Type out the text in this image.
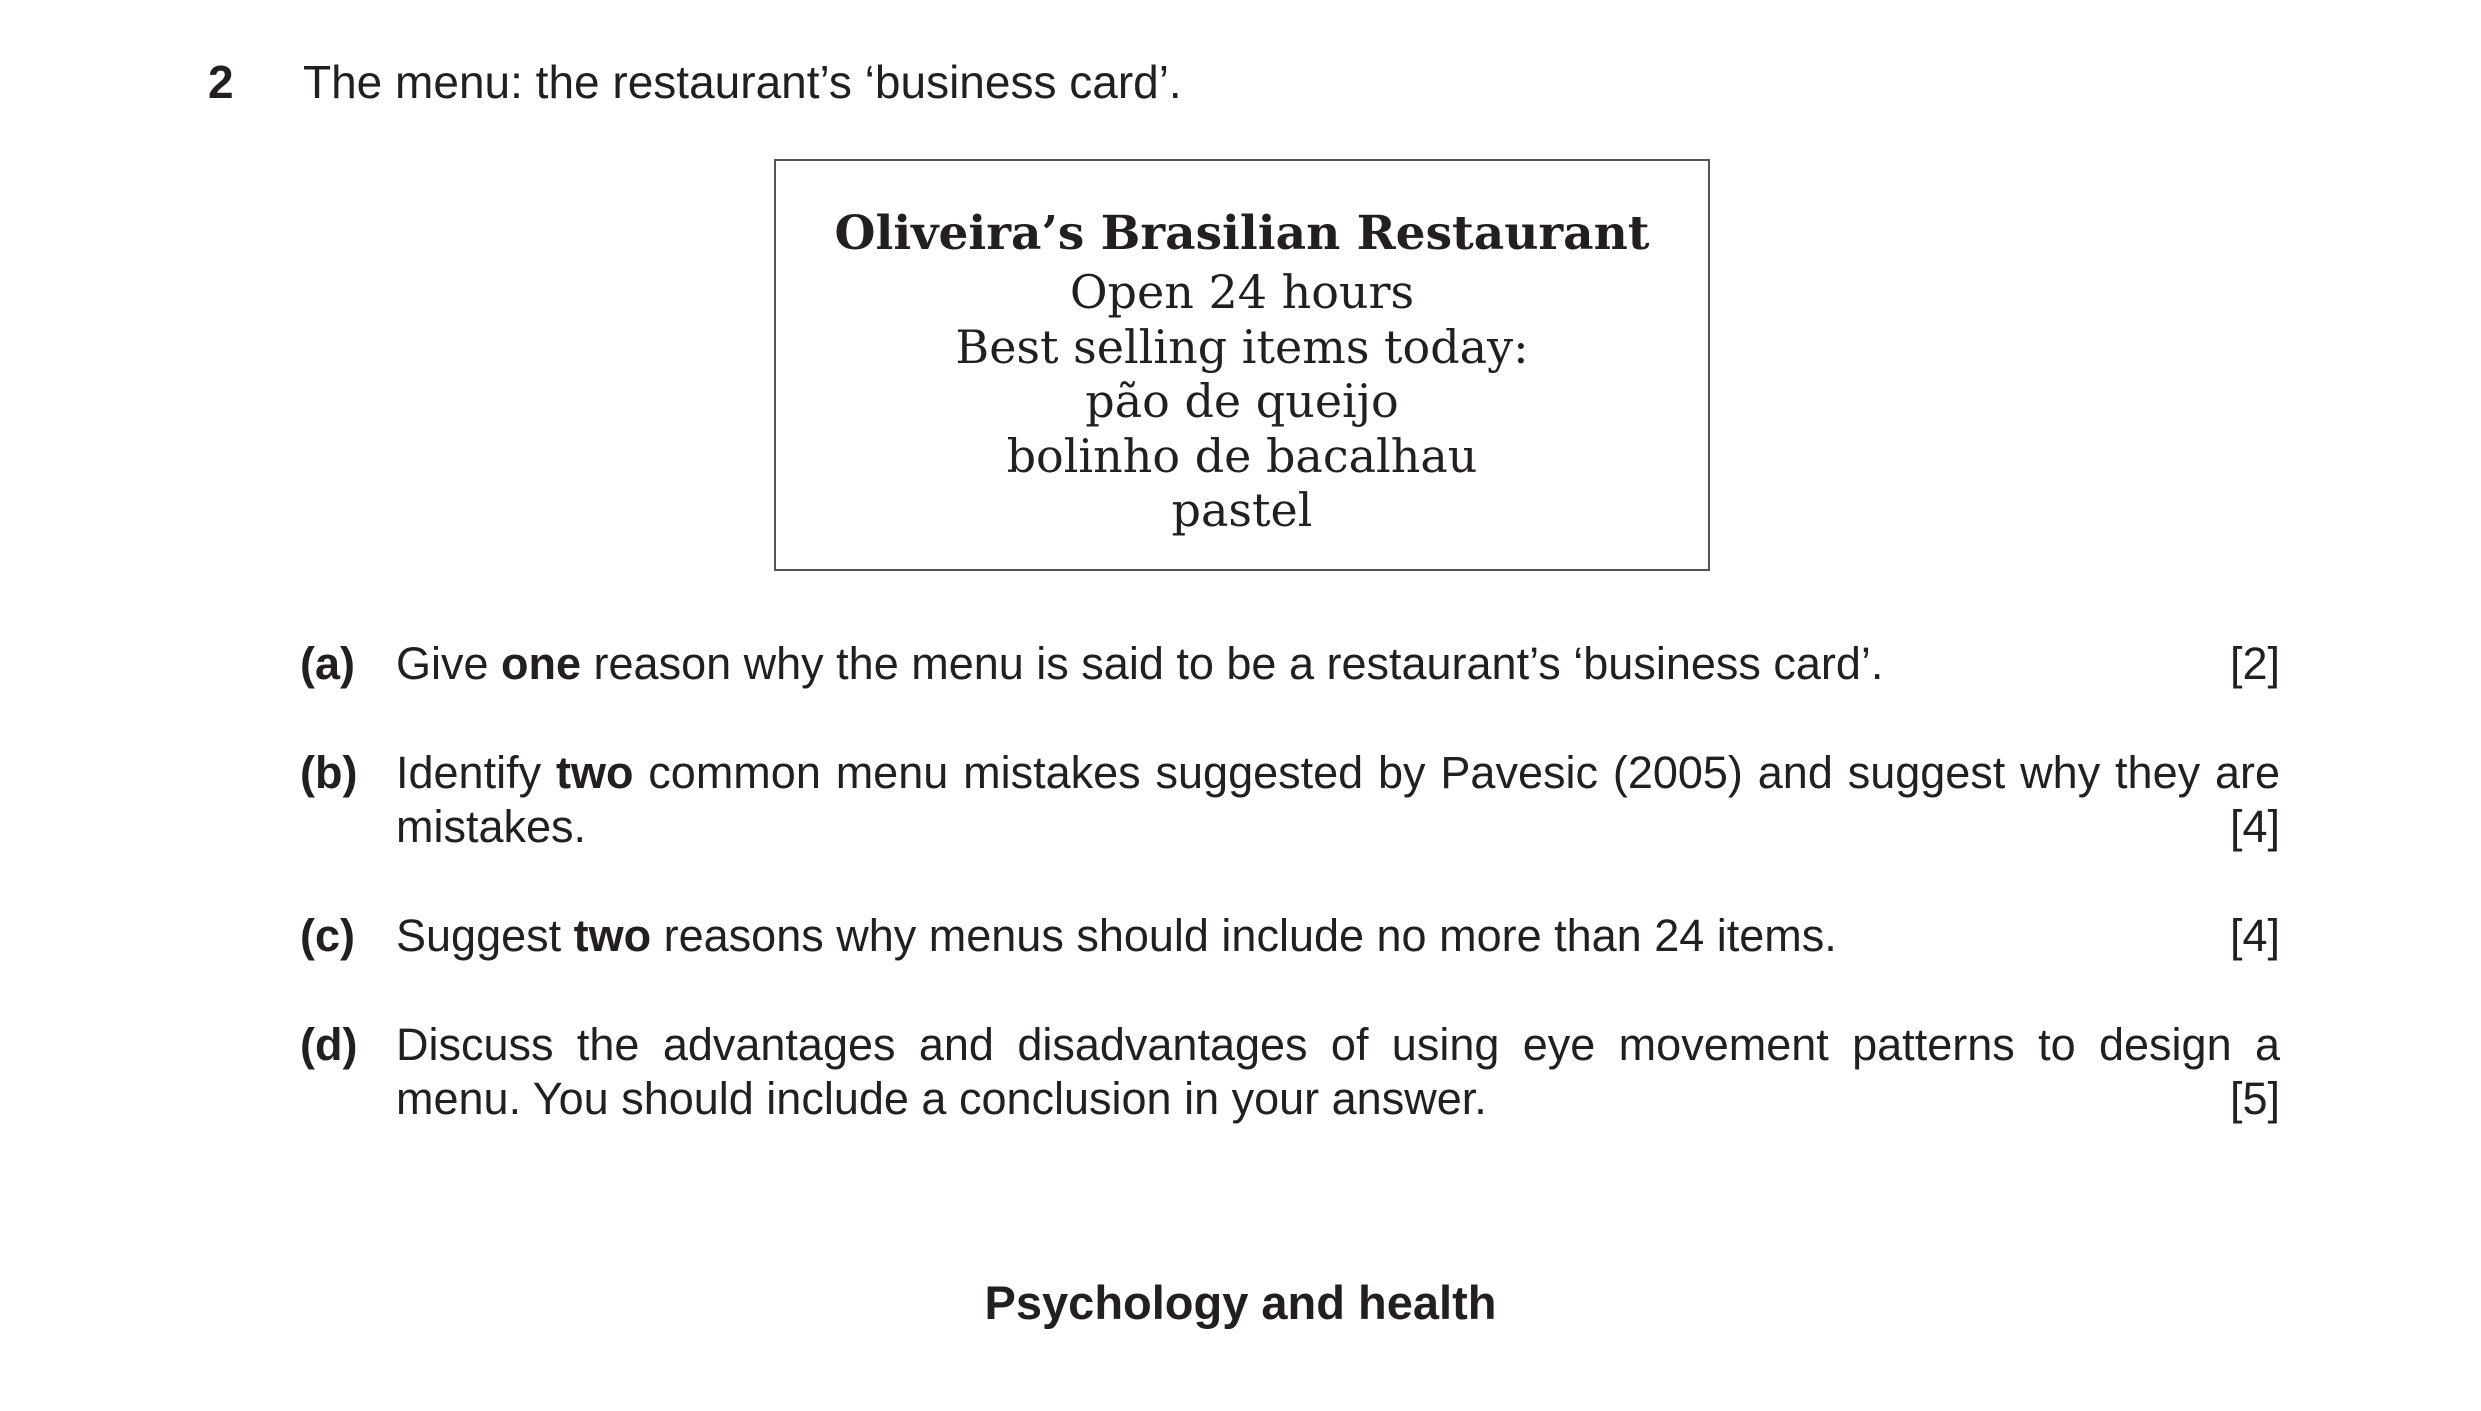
2 The menu: the restaurant’s ‘business card’.
Oliveira’s Brasilian Restaurant
Open 24 hours
Best selling items today:
pão de queijo
bolinho de bacalhau
pastel
(a) Give one reason why the menu is said to be a restaurant’s ‘business card’.	[2]
(b) Identify two common menu mistakes suggested by Pavesic (2005) and suggest why they are mistakes.	[4]
(c) Suggest two reasons why menus should include no more than 24 items.	[4]
(d) Discuss the advantages and disadvantages of using eye movement patterns to design a menu. You should include a conclusion in your answer.	[5]
Psychology and health
